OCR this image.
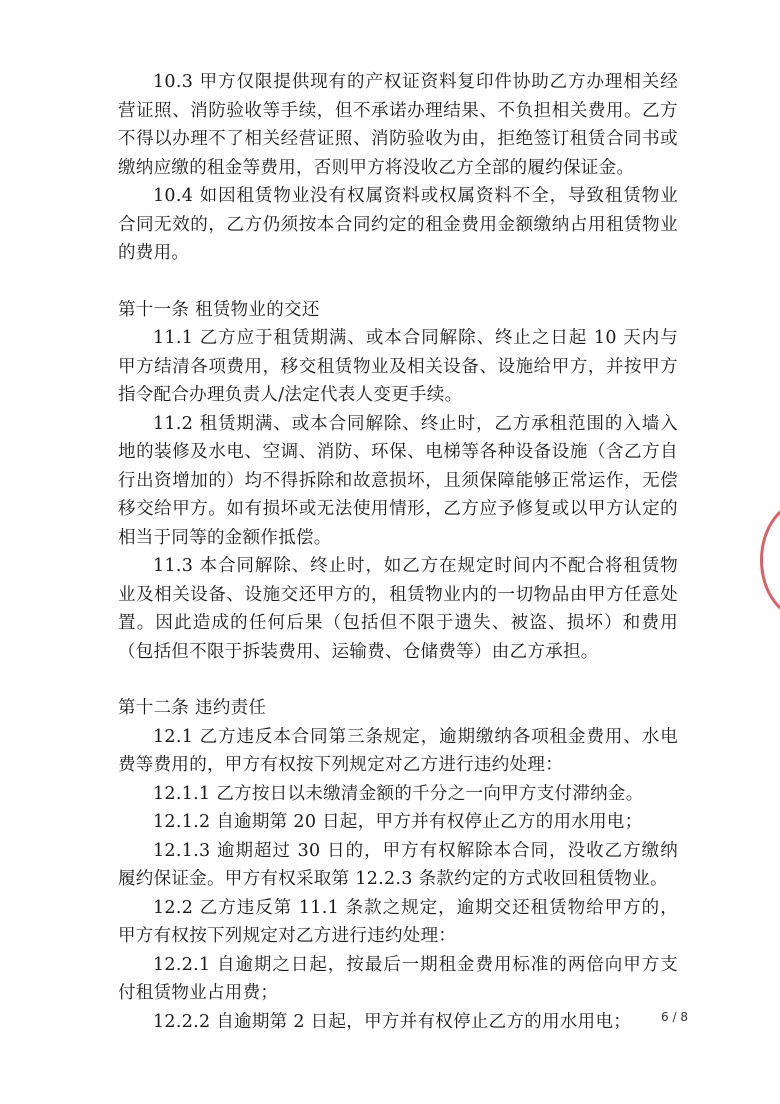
10.3 甲方仅限提供现有的产权证资料复印件协助乙方办理相关经营证照、消防验收等手续，但不承诺办理结果、不负担相关费用。乙方不得以办理不了相关经营证照、消防验收为由，拒绝签订租赁合同书或缴纳应缴的租金等费用，否则甲方将没收乙方全部的履约保证金。

10.4 如因租赁物业没有权属资料或权属资料不全，导致租赁物业合同无效的，乙方仍须按本合同约定的租金费用金额缴纳占用租赁物业的费用。

第十一条 租赁物业的交还

11.1 乙方应于租赁期满、或本合同解除、终止之日起 10 天内与甲方结清各项费用，移交租赁物业及相关设备、设施给甲方，并按甲方指令配合办理负责人/法定代表人变更手续。

11.2 租赁期满、或本合同解除、终止时，乙方承租范围的入墙入地的装修及水电、空调、消防、环保、电梯等各种设备设施（含乙方自行出资增加的）均不得拆除和故意损坏，且须保障能够正常运作，无偿移交给甲方。如有损坏或无法使用情形，乙方应予修复或以甲方认定的相当于同等的金额作抵偿。

11.3 本合同解除、终止时，如乙方在规定时间内不配合将租赁物业及相关设备、设施交还甲方的，租赁物业内的一切物品由甲方任意处置。因此造成的任何后果（包括但不限于遗失、被盗、损坏）和费用（包括但不限于拆装费用、运输费、仓储费等）由乙方承担。

第十二条 违约责任

12.1 乙方违反本合同第三条规定，逾期缴纳各项租金费用、水电费等费用的，甲方有权按下列规定对乙方进行违约处理：

12.1.1 乙方按日以未缴清金额的千分之一向甲方支付滞纳金。

12.1.2 自逾期第 20 日起，甲方并有权停止乙方的用水用电；

12.1.3 逾期超过 30 日的，甲方有权解除本合同，没收乙方缴纳履约保证金。甲方有权采取第 12.2.3 条款约定的方式收回租赁物业。

12.2 乙方违反第 11.1 条款之规定，逾期交还租赁物给甲方的，甲方有权按下列规定对乙方进行违约处理：

12.2.1 自逾期之日起，按最后一期租金费用标准的两倍向甲方支付租赁物业占用费；

12.2.2 自逾期第 2 日起，甲方并有权停止乙方的用水用电；	6 / 8
